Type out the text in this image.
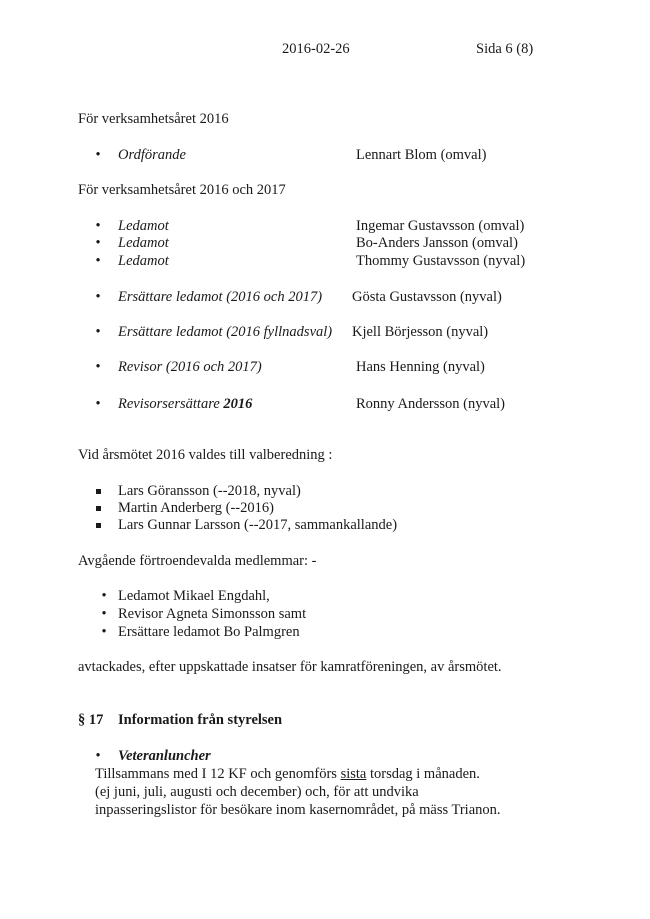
2016-02-26	Sida 6 (8)
För verksamhetsåret 2016
• Ordförande	Lennart Blom (omval)
För verksamhetsåret 2016 och 2017
• Ledamot	Ingemar Gustavsson (omval)
• Ledamot	Bo-Anders Jansson (omval)
• Ledamot	Thommy Gustavsson (nyval)
• Ersättare ledamot (2016 och 2017) Gösta Gustavsson (nyval)
• Ersättare ledamot (2016 fyllnadsval) Kjell Börjesson (nyval)
• Revisor (2016 och 2017)	Hans Henning (nyval)
• Revisorsersättare 2016	Ronny Andersson (nyval)
Vid årsmötet 2016 valdes till valberedning :
Lars Göransson (--2018, nyval)
Martin Anderberg (--2016)
Lars Gunnar Larsson (--2017, sammankallande)
Avgående förtroendevalda medlemmar: -
• Ledamot Mikael Engdahl,
• Revisor Agneta Simonsson samt
• Ersättare ledamot Bo Palmgren
avtackades, efter uppskattade insatser för kamratföreningen, av årsmötet.
§ 17 Information från styrelsen
• Veteranluncher
Tillsammans med I 12 KF och genomförs sista torsdag i månaden.
(ej juni, juli, augusti och december) och, för att undvika
inpasseringslistor för besökare inom kasernområdet, på mäss Trianon.
